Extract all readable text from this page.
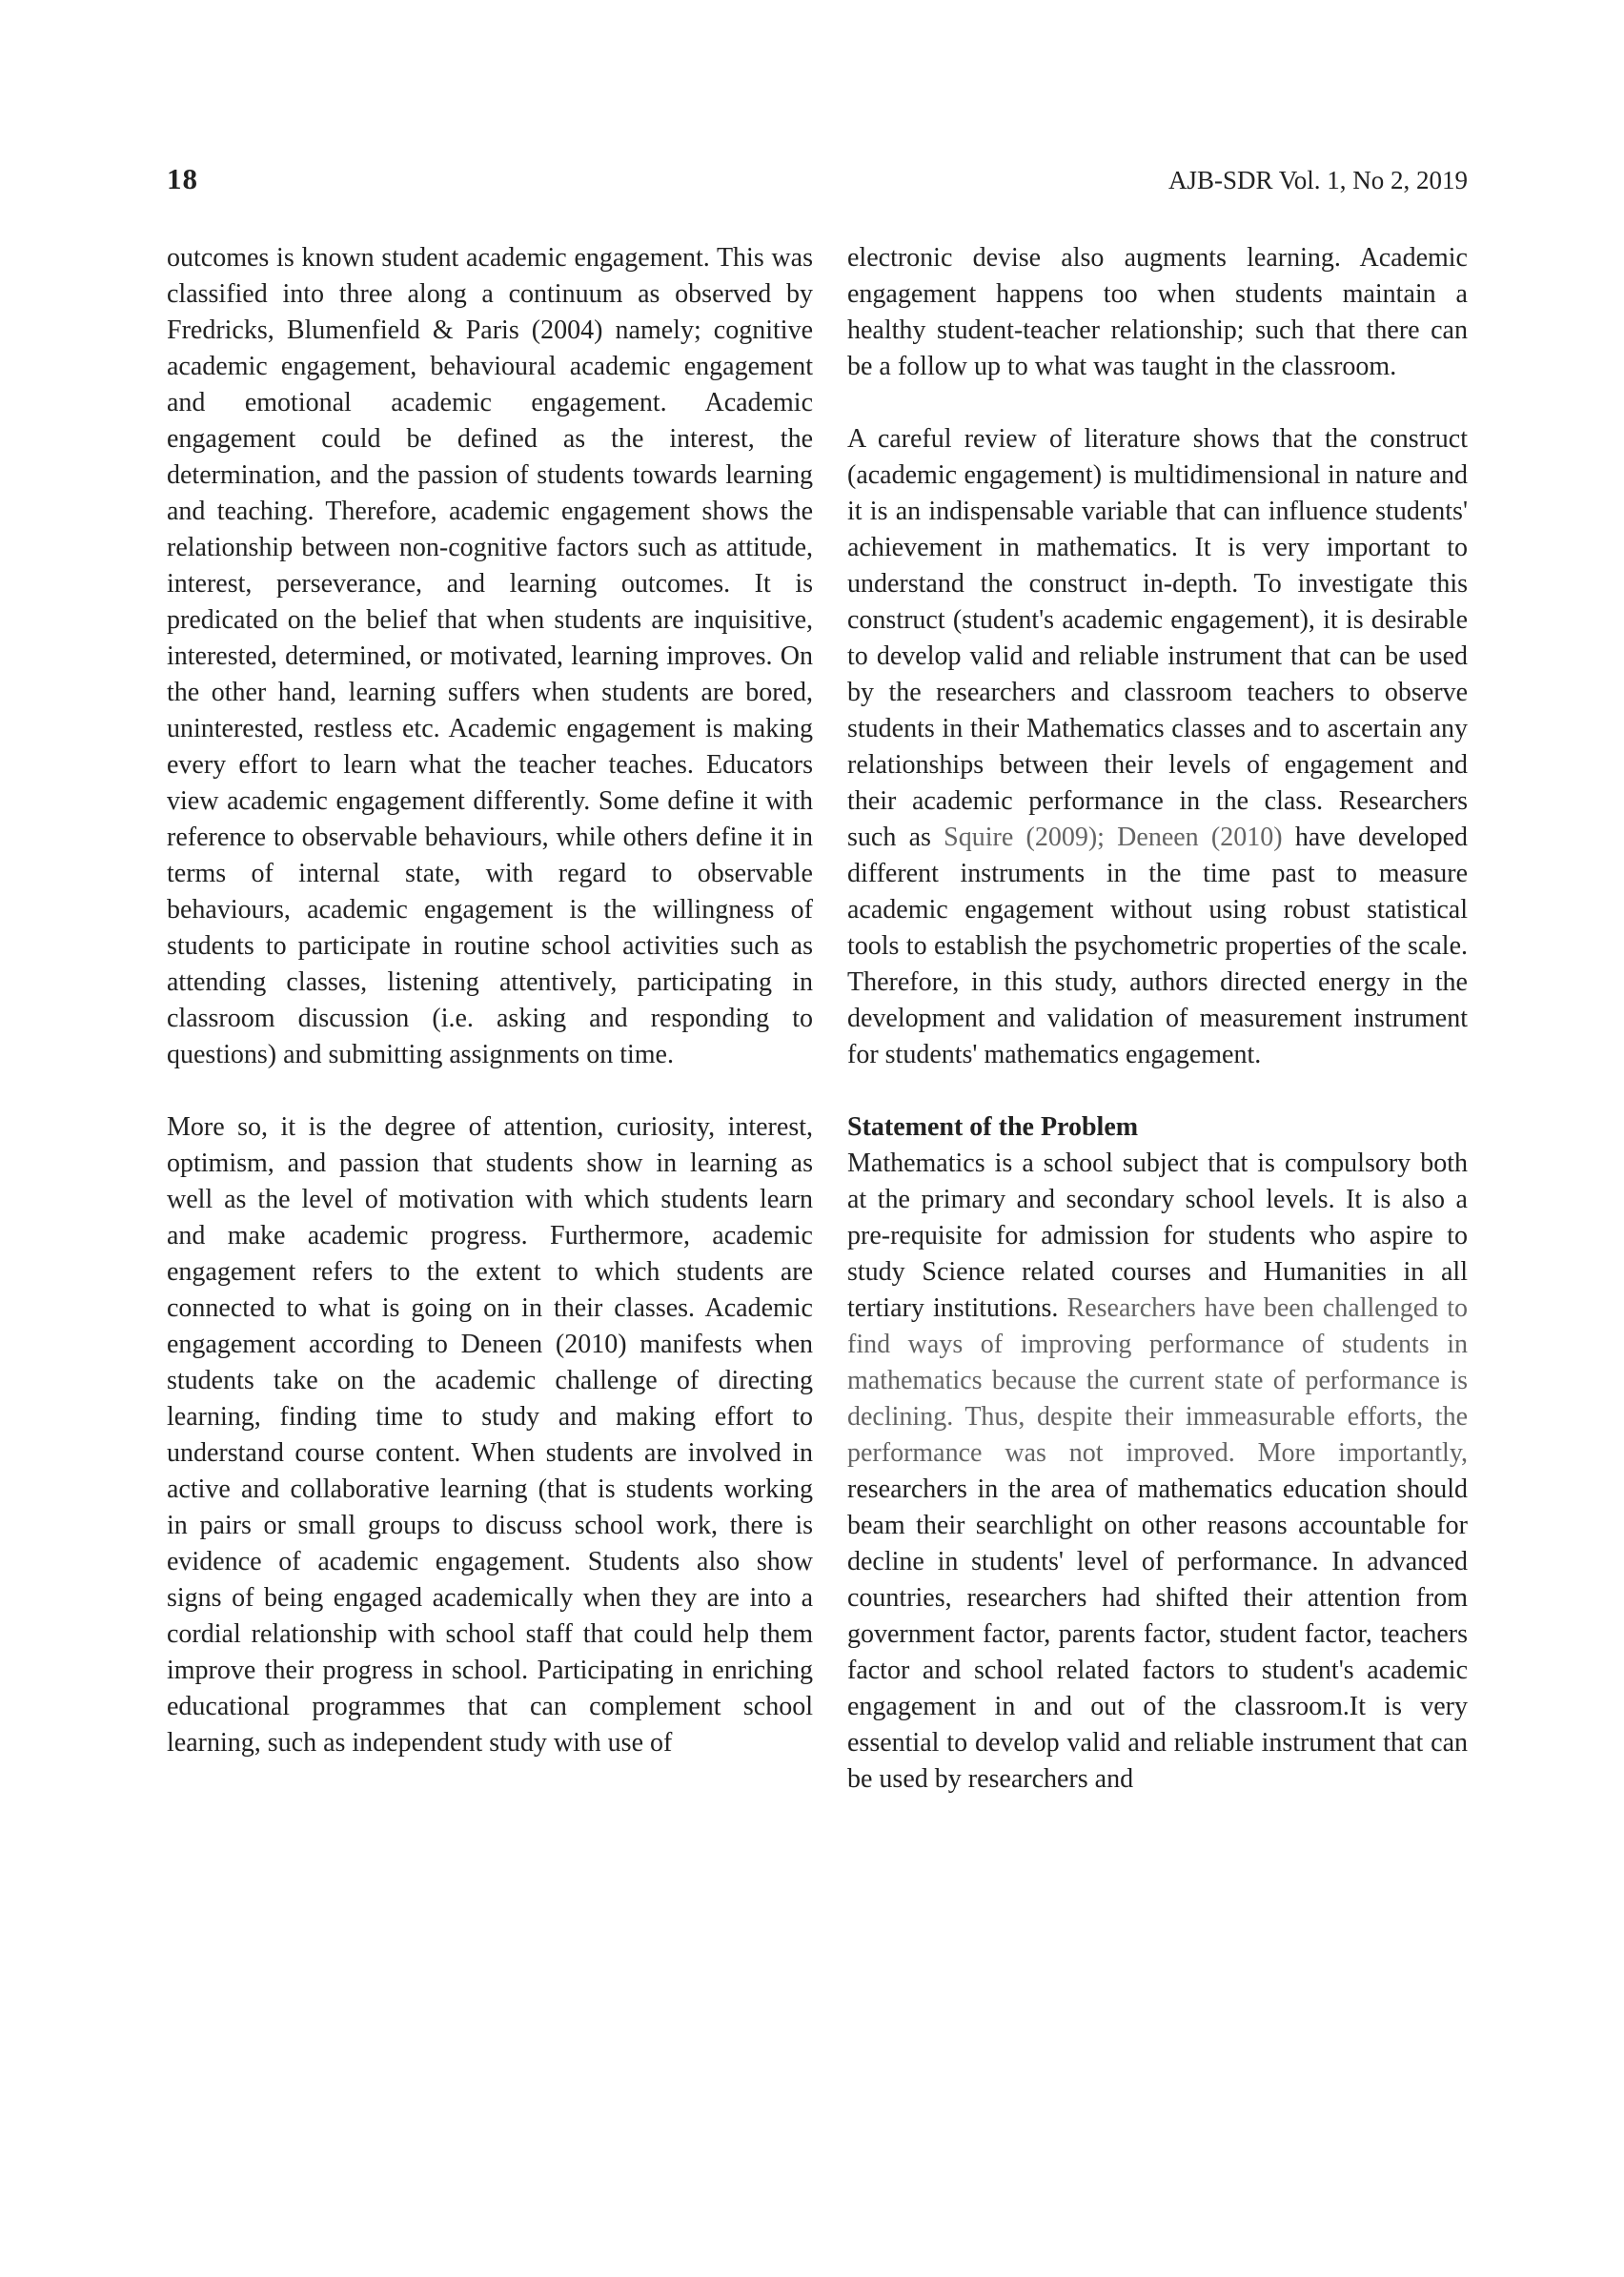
18	AJB-SDR Vol. 1, No 2, 2019

outcomes is known student academic engagement. This was classified into three along a continuum as observed by Fredricks, Blumenfield & Paris (2004) namely; cognitive academic engagement, behavioural academic engagement and emotional academic engagement. Academic engagement could be defined as the interest, the determination, and the passion of students towards learning and teaching. Therefore, academic engagement shows the relationship between non-cognitive factors such as attitude, interest, perseverance, and learning outcomes. It is predicated on the belief that when students are inquisitive, interested, determined, or motivated, learning improves. On the other hand, learning suffers when students are bored, uninterested, restless etc. Academic engagement is making every effort to learn what the teacher teaches. Educators view academic engagement differently. Some define it with reference to observable behaviours, while others define it in terms of internal state, with regard to observable behaviours, academic engagement is the willingness of students to participate in routine school activities such as attending classes, listening attentively, participating in classroom discussion (i.e. asking and responding to questions) and submitting assignments on time.

More so, it is the degree of attention, curiosity, interest, optimism, and passion that students show in learning as well as the level of motivation with which students learn and make academic progress. Furthermore, academic engagement refers to the extent to which students are connected to what is going on in their classes. Academic engagement according to Deneen (2010) manifests when students take on the academic challenge of directing learning, finding time to study and making effort to understand course content. When students are involved in active and collaborative learning (that is students working in pairs or small groups to discuss school work, there is evidence of academic engagement. Students also show signs of being engaged academically when they are into a cordial relationship with school staff that could help them improve their progress in school. Participating in enriching educational programmes that can complement school learning, such as independent study with use of

electronic devise also augments learning. Academic engagement happens too when students maintain a healthy student-teacher relationship; such that there can be a follow up to what was taught in the classroom.

A careful review of literature shows that the construct (academic engagement) is multidimensional in nature and it is an indispensable variable that can influence students' achievement in mathematics. It is very important to understand the construct in-depth. To investigate this construct (student's academic engagement), it is desirable to develop valid and reliable instrument that can be used by the researchers and classroom teachers to observe students in their Mathematics classes and to ascertain any relationships between their levels of engagement and their academic performance in the class. Researchers such as Squire (2009); Deneen (2010) have developed different instruments in the time past to measure academic engagement without using robust statistical tools to establish the psychometric properties of the scale. Therefore, in this study, authors directed energy in the development and validation of measurement instrument for students' mathematics engagement.

Statement of the Problem

Mathematics is a school subject that is compulsory both at the primary and secondary school levels. It is also a pre-requisite for admission for students who aspire to study Science related courses and Humanities in all tertiary institutions. Researchers have been challenged to find ways of improving performance of students in mathematics because the current state of performance is declining. Thus, despite their immeasurable efforts, the performance was not improved. More importantly, researchers in the area of mathematics education should beam their searchlight on other reasons accountable for decline in students' level of performance. In advanced countries, researchers had shifted their attention from government factor, parents factor, student factor, teachers factor and school related factors to student's academic engagement in and out of the classroom.It is very essential to develop valid and reliable instrument that can be used by researchers and
